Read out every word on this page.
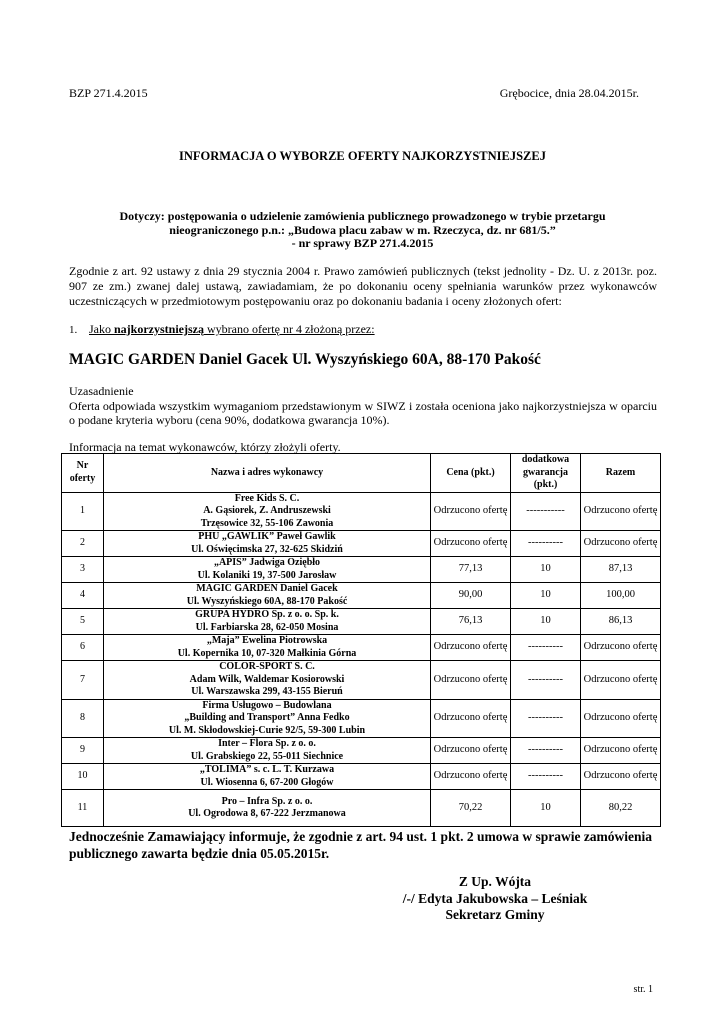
BZP 271.4.2015	Grębocice, dnia 28.04.2015r.
INFORMACJA O WYBORZE OFERTY NAJKORZYSTNIEJSZEJ
Dotyczy: postępowania o udzielenie zamówienia publicznego prowadzonego w trybie przetargu
nieograniczonego p.n.: „Budowa placu zabaw w m. Rzeczyca, dz. nr 681/5.”
- nr sprawy BZP 271.4.2015
Zgodnie z art. 92 ustawy z dnia 29 stycznia 2004 r. Prawo zamówień publicznych (tekst jednolity - Dz. U. z 2013r. poz. 907 ze zm.) zwanej dalej ustawą, zawiadamiam, że po dokonaniu oceny spełniania warunków przez wykonawców uczestniczących w przedmiotowym postępowaniu oraz po dokonaniu badania i oceny złożonych ofert:
1. Jako najkorzystniejszą wybrano ofertę nr 4 złożoną przez:
MAGIC GARDEN Daniel Gacek Ul. Wyszyńskiego 60A, 88-170 Pakość
Uzasadnienie
Oferta odpowiada wszystkim wymaganiom przedstawionym w SIWZ i została oceniona jako najkorzystniejsza w oparciu o podane kryteria wyboru (cena 90%, dodatkowa gwarancja 10%).
Informacja na temat wykonawców, którzy złożyli oferty.
Nr oferty	Nazwa i adres wykonawcy	Cena (pkt.)	dodatkowa gwarancja (pkt.)	Razem
1	Free Kids S. C.
A. Gąsiorek, Z. Andruszewski
Trzęsowice 32, 55-106 Zawonia	Odrzucono ofertę	-----------	Odrzucono ofertę
2	PHU „GAWLIK” Paweł Gawlik
Ul. Oświęcimska 27, 32-625 Skidziń	Odrzucono ofertę	----------	Odrzucono ofertę
3	„APIS” Jadwiga Oziębło
Ul. Kolaniki 19, 37-500 Jarosław	77,13	10	87,13
4	MAGIC GARDEN Daniel Gacek
Ul. Wyszyńskiego 60A, 88-170 Pakość	90,00	10	100,00
5	GRUPA HYDRO Sp. z o. o. Sp. k.
Ul. Farbiarska 28, 62-050 Mosina	76,13	10	86,13
6	„Maja” Ewelina Piotrowska
Ul. Kopernika 10, 07-320 Małkinia Górna	Odrzucono ofertę	----------	Odrzucono ofertę
7	COLOR-SPORT S. C.
Adam Wilk, Waldemar Kosiorowski
Ul. Warszawska 299, 43-155 Bieruń	Odrzucono ofertę	----------	Odrzucono ofertę
8	Firma Usługowo – Budowlana
„Building and Transport” Anna Fedko
Ul. M. Skłodowskiej-Curie 92/5, 59-300 Lubin	Odrzucono ofertę	----------	Odrzucono ofertę
9	Inter – Flora Sp. z o. o.
Ul. Grabskiego 22, 55-011 Siechnice	Odrzucono ofertę	----------	Odrzucono ofertę
10	„TOLIMA” s. c. L. T. Kurzawa
Ul. Wiosenna 6, 67-200 Głogów	Odrzucono ofertę	----------	Odrzucono ofertę
11	Pro – Infra Sp. z o. o.
Ul. Ogrodowa 8, 67-222 Jerzmanowa	70,22	10	80,22
Jednocześnie Zamawiający informuje, że zgodnie z art. 94 ust. 1 pkt. 2 umowa w sprawie zamówienia publicznego zawarta będzie dnia 05.05.2015r.
Z Up. Wójta
/-/ Edyta Jakubowska – Leśniak
Sekretarz Gminy
str. 1
